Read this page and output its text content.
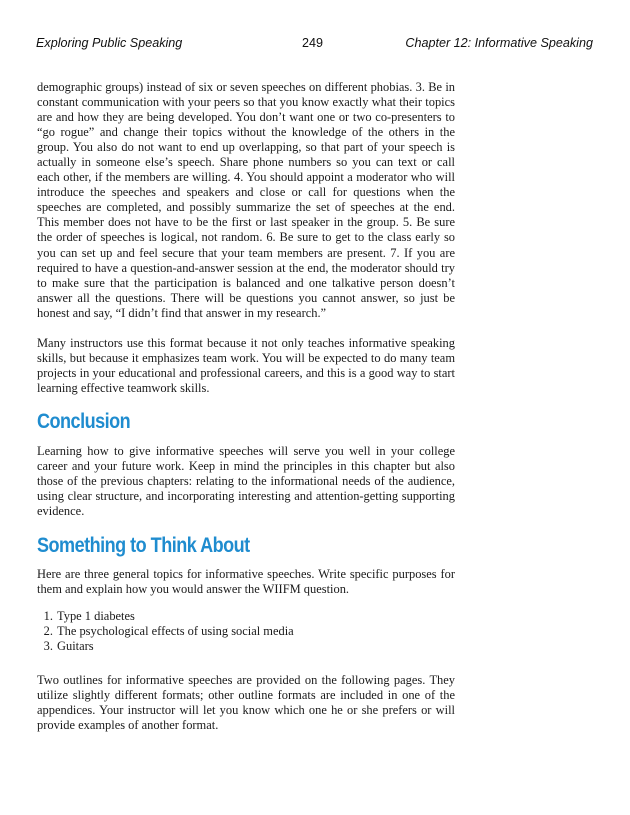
Exploring Public Speaking	249	Chapter 12: Informative Speaking

demographic groups) instead of six or seven speeches on different phobias. 3. Be in constant communication with your peers so that you know exactly what their topics are and how they are being developed. You don’t want one or two co-presenters to “go rogue” and change their topics without the knowledge of the others in the group. You also do not want to end up overlapping, so that part of your speech is actually in someone else’s speech. Share phone numbers so you can text or call each other, if the members are willing. 4. You should appoint a moderator who will introduce the speeches and speakers and close or call for questions when the speeches are completed, and possibly summarize the set of speeches at the end. This member does not have to be the first or last speaker in the group. 5. Be sure the order of speeches is logical, not random. 6. Be sure to get to the class early so you can set up and feel secure that your team members are present. 7. If you are required to have a question-and-answer session at the end, the moderator should try to make sure that the participation is balanced and one talkative person doesn’t answer all the questions. There will be questions you cannot answer, so just be honest and say, “I didn’t find that answer in my research.”

Many instructors use this format because it not only teaches informative speaking skills, but because it emphasizes team work. You will be expected to do many team projects in your educational and professional careers, and this is a good way to start learning effective teamwork skills.

Conclusion

Learning how to give informative speeches will serve you well in your college career and your future work. Keep in mind the principles in this chapter but also those of the previous chapters: relating to the informational needs of the audience, using clear structure, and incorporating interesting and attention-getting supporting evidence.

Something to Think About

Here are three general topics for informative speeches. Write specific purposes for them and explain how you would answer the WIIFM question.

1. Type 1 diabetes
2. The psychological effects of using social media
3. Guitars

Two outlines for informative speeches are provided on the following pages. They utilize slightly different formats; other outline formats are included in one of the appendices. Your instructor will let you know which one he or she prefers or will provide examples of another format.
